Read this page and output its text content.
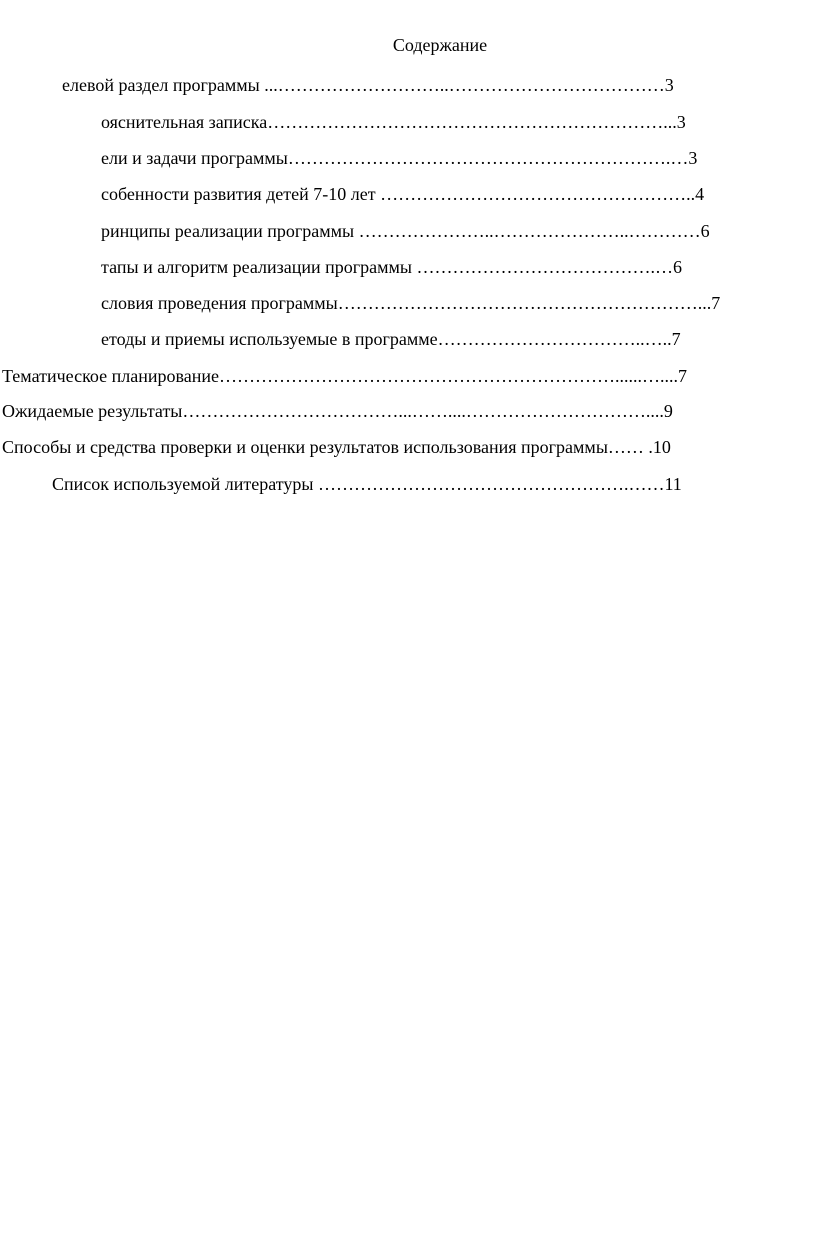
Содержание
елевой раздел программы ...………………………..………………………………3
ояснительная записка…………………………………………………………...3
ели и задачи программы……………………………………………………….…3
собенности развития детей 7-10 лет ……………………………………………..4
ринципы реализации программы …………………..…………………..…………6
тапы и алгоритм реализации программы ………………………………….…6
словия проведения программы……………………………………………………...7
етоды и приемы используемые в программе……………………………..…..7
Тематическое планирование…………………………………………………………......…....7
Ожидаемые результаты………………………………...……....…………………………....9
Способы и средства проверки и оценки результатов использования программы…… .10
Список используемой литературы …………………………………………….……11
